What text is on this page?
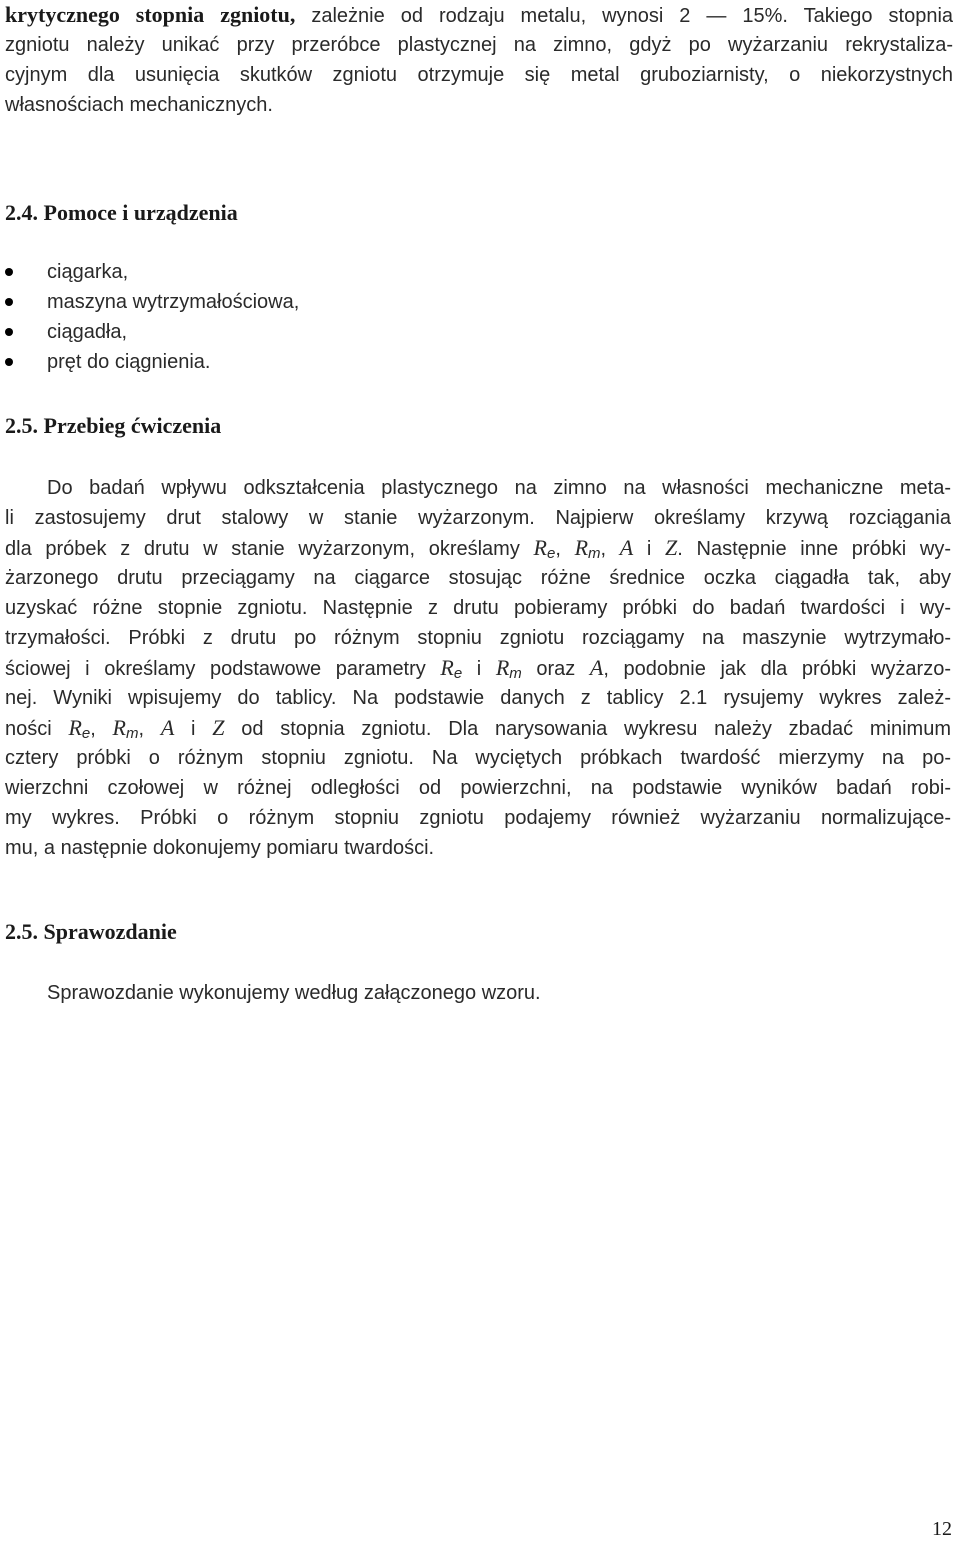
krytycznego stopnia zgniotu, zależnie od rodzaju metalu, wynosi 2 — 15%. Takiego stopnia
zgniotu należy unikać przy przeróbce plastycznej na zimno, gdyż po wyżarzaniu rekrystaliza-
cyjnym dla usunięcia skutków zgniotu otrzymuje się metal gruboziarnisty, o niekorzystnych
własnościach mechanicznych.
2.4. Pomoce i urządzenia
ciągarka,
maszyna wytrzymałościowa,
ciągadła,
pręt do ciągnienia.
2.5. Przebieg ćwiczenia
Do badań wpływu odkształcenia plastycznego na zimno na własności mechaniczne meta-
li zastosujemy drut stalowy w stanie wyżarzonym. Najpierw określamy krzywą rozciągania
dla próbek z drutu w stanie wyżarzonym, określamy $R_e$, $R_m$, A i Z. Następnie inne próbki wy-
żarzonego drutu przeciągamy na ciągarce stosując różne średnice oczka ciągadła tak, aby
uzyskać różne stopnie zgniotu. Następnie z drutu pobieramy próbki do badań twardości i wy-
trzymałości. Próbki z drutu po różnym stopniu zgniotu rozciągamy na maszynie wytrzymało-
ściowej i określamy podstawowe parametry $R_e$ i $R_m$ oraz A, podobnie jak dla próbki wyżarzo-
nej. Wyniki wpisujemy do tablicy. Na podstawie danych z tablicy 2.1 rysujemy wykres zależ-
ności $R_e$, $R_m$, A i Z od stopnia zgniotu. Dla narysowania wykresu należy zbadać minimum
cztery próbki o różnym stopniu zgniotu. Na wyciętych próbkach twardość mierzymy na po-
wierzchni czołowej w różnej odległości od powierzchni, na podstawie wyników badań robi-
my wykres. Próbki o różnym stopniu zgniotu podajemy również wyżarzaniu normalizujące-
mu, a następnie dokonujemy pomiaru twardości.
2.5. Sprawozdanie
Sprawozdanie wykonujemy według załączonego wzoru.
12
